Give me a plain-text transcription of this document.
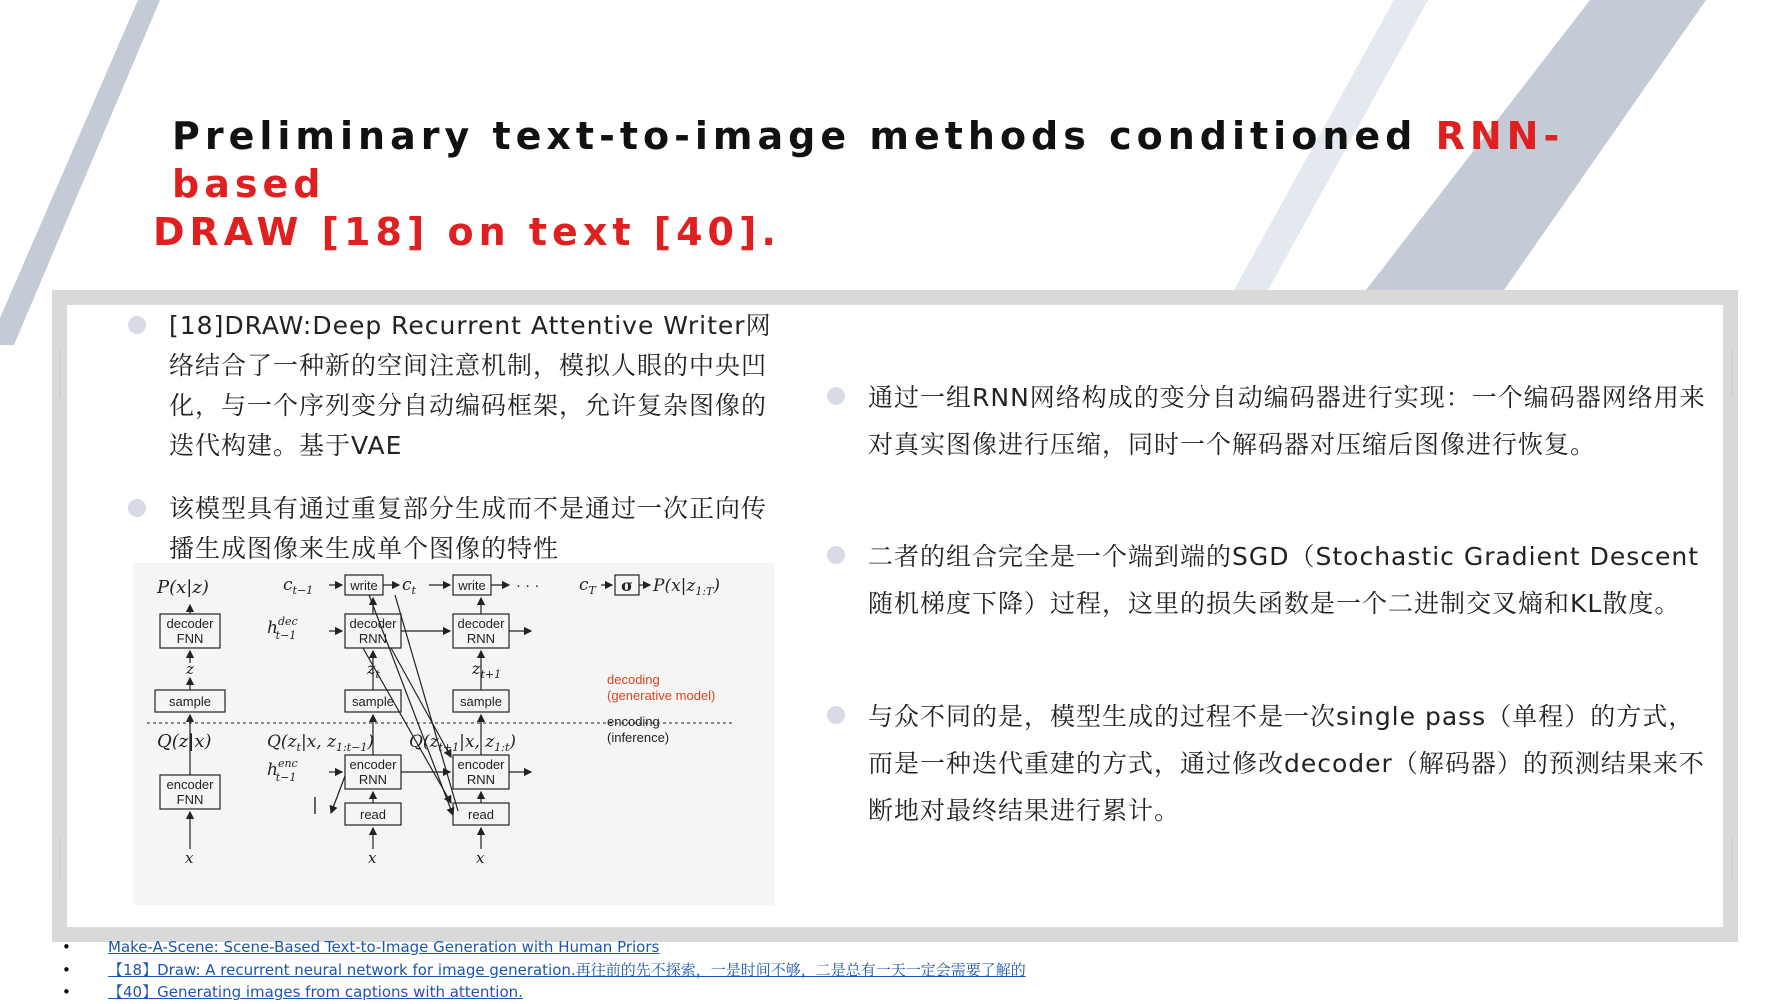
Preliminary text-to-image methods conditioned RNN-based
DRAW [18] on text [40].
[18]DRAW:Deep Recurrent Attentive Writer网络结合了一种新的空间注意机制，模拟人眼的中央凹化，与一个序列变分自动编码框架，允许复杂图像的迭代构建。基于VAE
该模型具有通过重复部分生成而不是通过一次正向传播生成图像来生成单个图像的特性
通过一组RNN网络构成的变分自动编码器进行实现：一个编码器网络用来对真实图像进行压缩，同时一个解码器对压缩后图像进行恢复。
二者的组合完全是一个端到端的SGD（Stochastic Gradient Descent随机梯度下降）过程，这里的损失函数是一个二进制交叉熵和KL散度。
与众不同的是，模型生成的过程不是一次single pass（单程）的方式，而是一种迭代重建的方式，通过修改decoder（解码器）的预测结果来不断地对最终结果进行累计。
P(x|z)
decoder
FNN
z
sample
Q(z|x)
encoder
FNN
x
$c_{t-1}$	write $c_t$	write · · · $c_T$ σ $P(x|z_{1:T})$
$h^{dec}$ t−1
decoder
RNN
decoder
RNN
$z_t$	$z_{t+1}$
sample	sample
decoding
(generative model)
encoding
(inference)
$Q(z_t|x$, $z_{1:t-1}$) $Q(z_{t+1}|x$, $z_{1:t}$)
$h^{enc}$ t−1
encoder
RNN
encoder
RNN
read	read
x	x
• Make-A-Scene: Scene-Based Text-to-Image Generation with Human Priors
• 【18】Draw: A recurrent neural network for image generation.再往前的先不探索，一是时间不够，二是总有一天一定会需要了解的
• 【40】Generating images from captions with attention.
